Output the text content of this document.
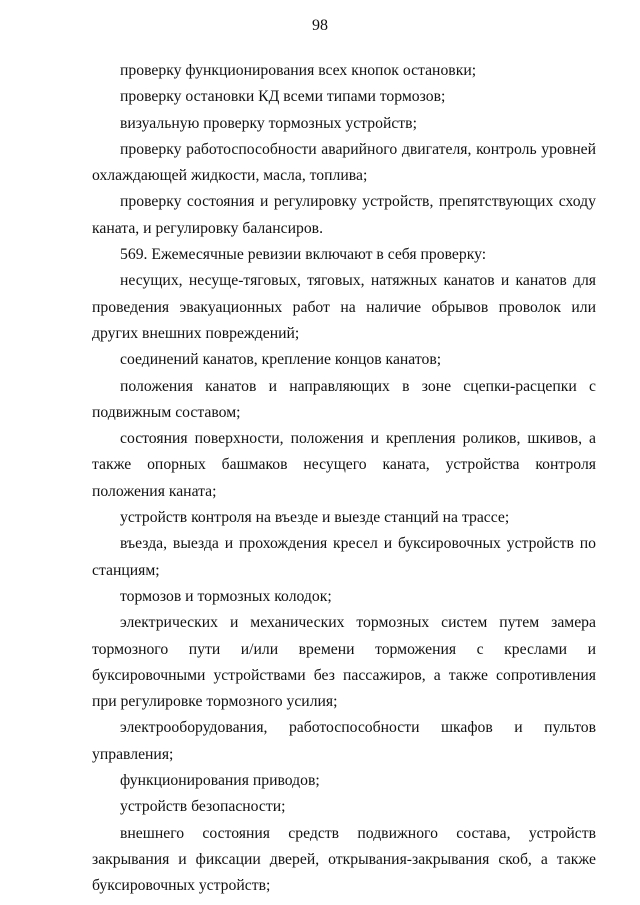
98

проверку функционирования всех кнопок остановки;

проверку остановки КД всеми типами тормозов;

визуальную проверку тормозных устройств;

проверку работоспособности аварийного двигателя, контроль уровней охлаждающей жидкости, масла, топлива;

проверку состояния и регулировку устройств, препятствующих сходу каната, и регулировку балансиров.

569. Ежемесячные ревизии включают в себя проверку:

несущих, несуще-тяговых, тяговых, натяжных канатов и канатов для проведения эвакуационных работ на наличие обрывов проволок или других внешних повреждений;

соединений канатов, крепление концов канатов;

положения канатов и направляющих в зоне сцепки-расцепки с подвижным составом;

состояния поверхности, положения и крепления роликов, шкивов, а также опорных башмаков несущего каната, устройства контроля положения каната;

устройств контроля на въезде и выезде станций на трассе;

въезда, выезда и прохождения кресел и буксировочных устройств по станциям;

тормозов и тормозных колодок;

электрических и механических тормозных систем путем замера тормозного пути и/или времени торможения с креслами и буксировочными устройствами без пассажиров, а также сопротивления при регулировке тормозного усилия;

электрооборудования, работоспособности шкафов и пультов управления;

функционирования приводов;

устройств безопасности;

внешнего состояния средств подвижного состава, устройств закрывания и фиксации дверей, открывания-закрывания скоб, а также буксировочных устройств;
